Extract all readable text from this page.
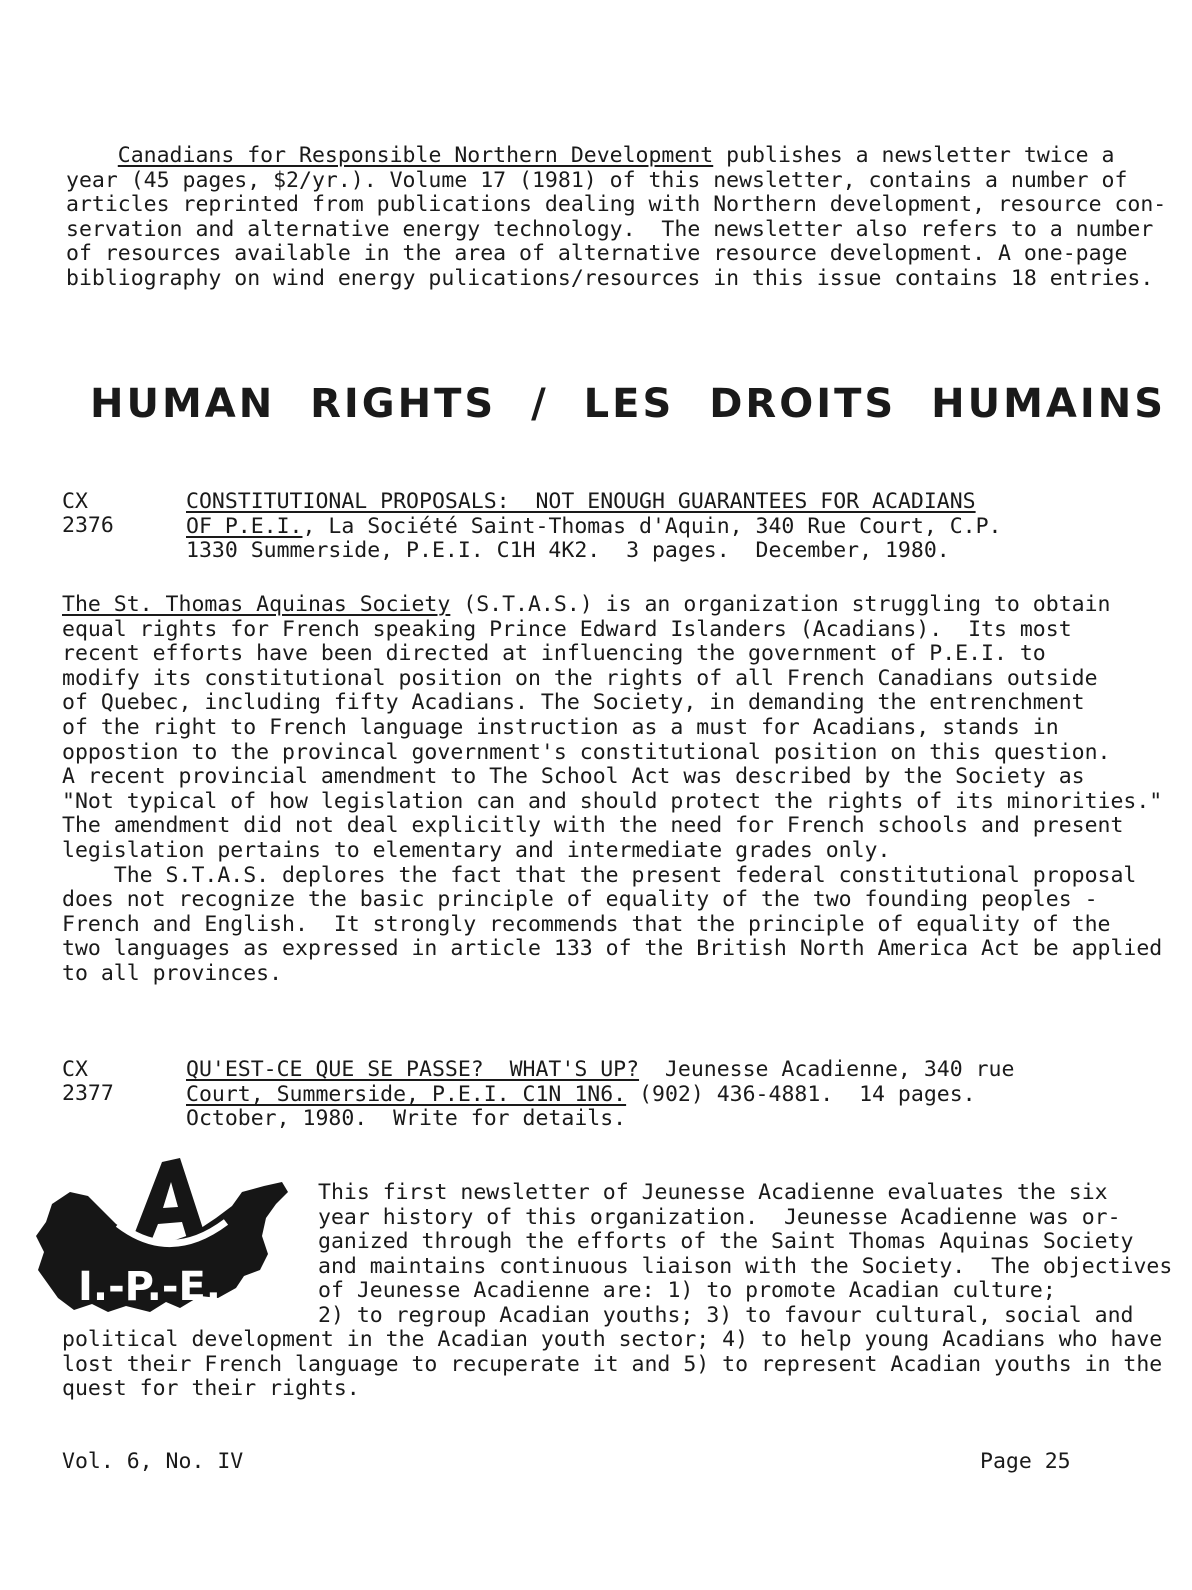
Canadians for Responsible Northern Development publishes a newsletter twice a
year (45 pages, $2/yr.). Volume 17 (1981) of this newsletter, contains a number of
articles reprinted from publications dealing with Northern development, resource con-
servation and alternative energy technology.  The newsletter also refers to a number
of resources available in the area of alternative resource development. A one-page
bibliography on wind energy pulications/resources in this issue contains 18 entries.
HUMAN RIGHTS / LES DROITS HUMAINS
CX
2376
CONSTITUTIONAL PROPOSALS:  NOT ENOUGH GUARANTEES FOR ACADIANS
OF P.E.I., La Société Saint-Thomas d'Aquin, 340 Rue Court, C.P.
1330 Summerside, P.E.I. C1H 4K2.  3 pages.  December, 1980.
The St. Thomas Aquinas Society (S.T.A.S.) is an organization struggling to obtain
equal rights for French speaking Prince Edward Islanders (Acadians).  Its most
recent efforts have been directed at influencing the government of P.E.I. to
modify its constitutional position on the rights of all French Canadians outside
of Quebec, including fifty Acadians. The Society, in demanding the entrenchment
of the right to French language instruction as a must for Acadians, stands in
oppostion to the provincal government's constitutional position on this question.
A recent provincial amendment to The School Act was described by the Society as
"Not typical of how legislation can and should protect the rights of its minorities."
The amendment did not deal explicitly with the need for French schools and present
legislation pertains to elementary and intermediate grades only.
The S.T.A.S. deplores the fact that the present federal constitutional proposal
does not recognize the basic principle of equality of the two founding peoples -
French and English.  It strongly recommends that the principle of equality of the
two languages as expressed in article 133 of the British North America Act be applied
to all provinces.
CX
2377
QU'EST-CE QUE SE PASSE?  WHAT'S UP?  Jeunesse Acadienne, 340 rue
Court, Summerside, P.E.I. C1N 1N6. (902) 436-4881.  14 pages.
October, 1980.  Write for details.
I.-P.-E.
This first newsletter of Jeunesse Acadienne evaluates the six
year history of this organization.  Jeunesse Acadienne was or-
ganized through the efforts of the Saint Thomas Aquinas Society
and maintains continuous liaison with the Society.  The objectives
of Jeunesse Acadienne are: 1) to promote Acadian culture;
2) to regroup Acadian youths; 3) to favour cultural, social and
political development in the Acadian youth sector; 4) to help young Acadians who have
lost their French language to recuperate it and 5) to represent Acadian youths in the
quest for their rights.
Vol. 6, No. IV	Page 25
